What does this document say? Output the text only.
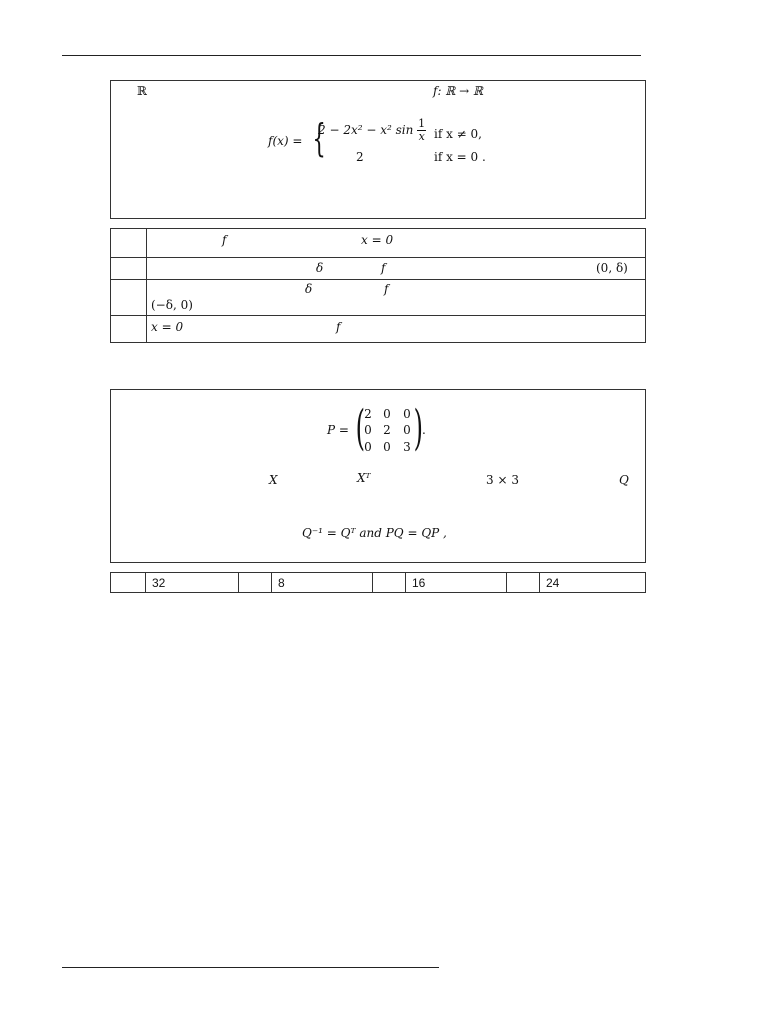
ℝ	f: ℝ → ℝ
f(x) = {
2 − 2x² − x² $\sin \frac{1}{x}$ if x ≠ 0,
2	if x = 0 .

	f x = 0

	δ f (0, δ)

	δ f
(−δ, 0)

	x = 0 f
P = ( 2 0 0
0 2 0
0 0 3 )
.
X	Xᵀ	3 × 3	Q
Q⁻¹ = Qᵀ and PQ = QP ,
	32		8		16		24
